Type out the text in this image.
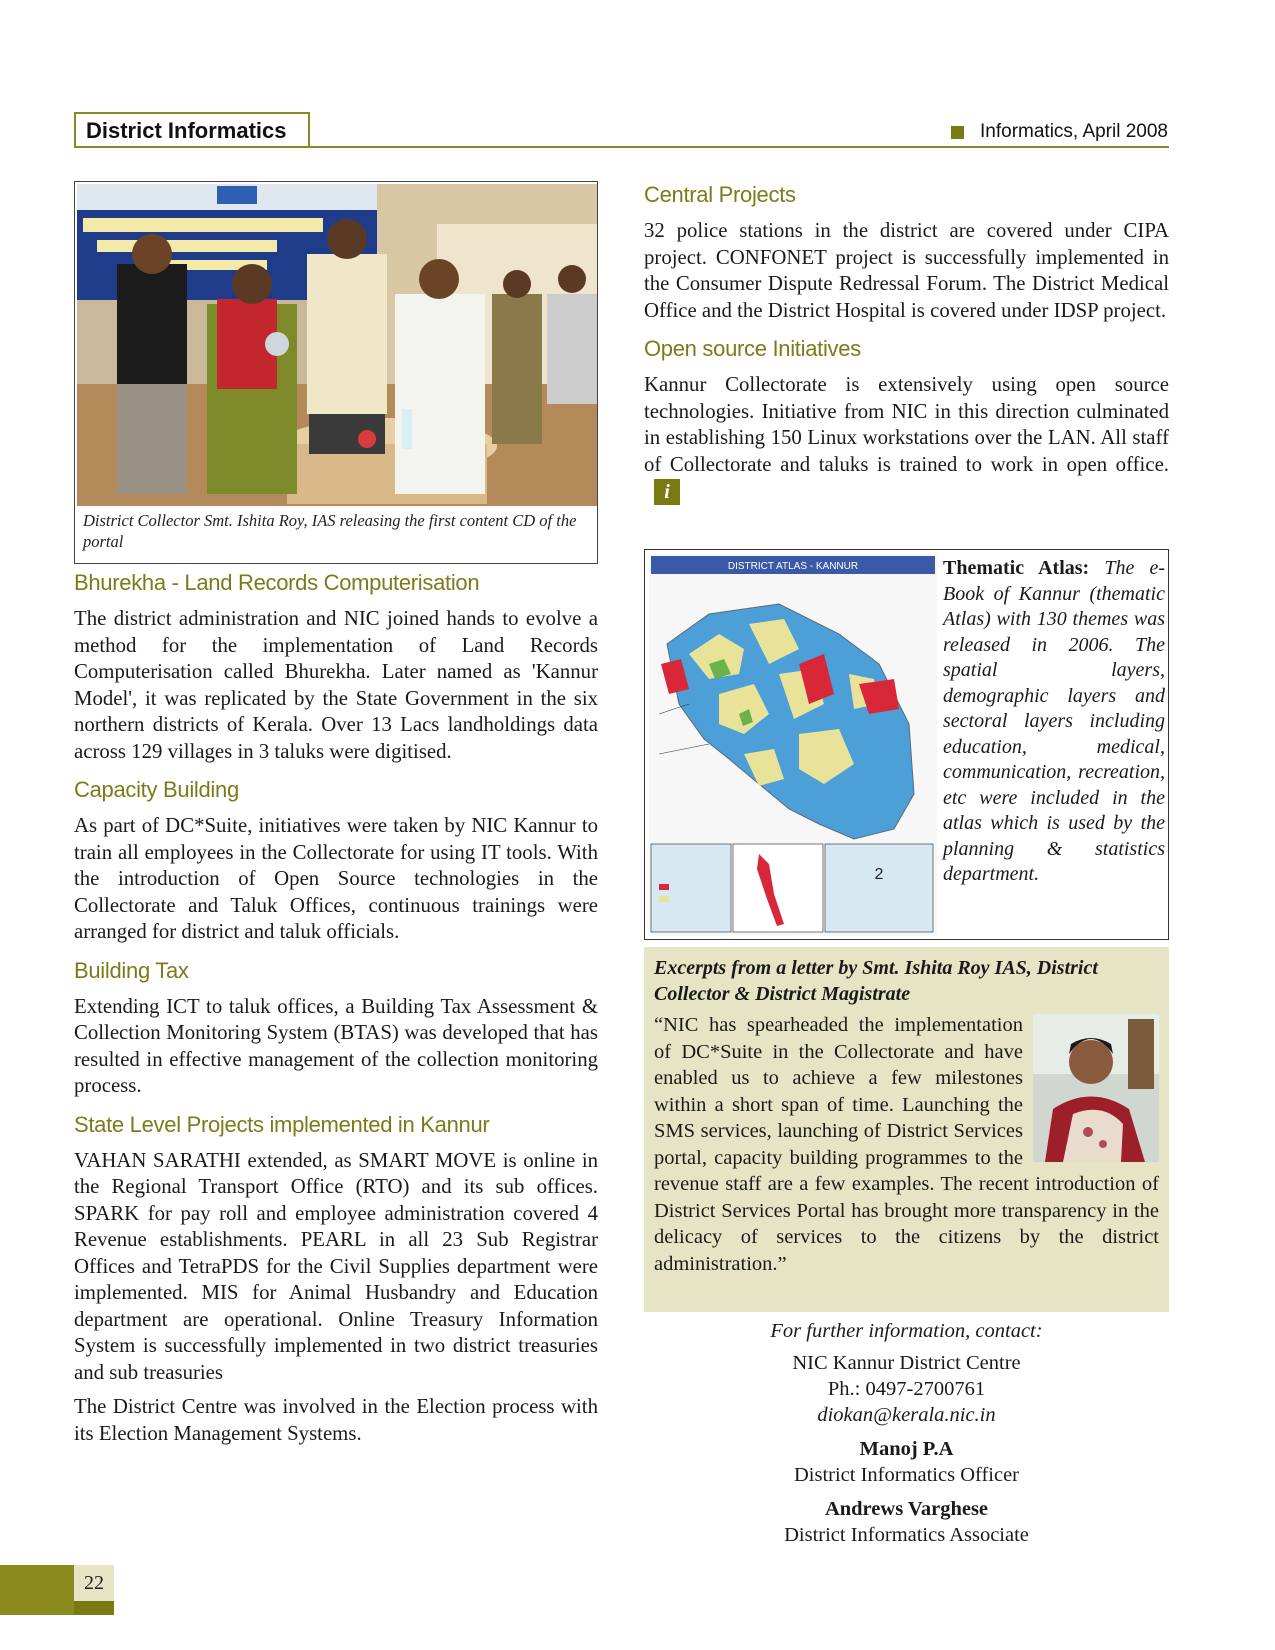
District Informatics	Informatics, April 2008
District Collector Smt. Ishita Roy, IAS releasing the first content CD of the portal
Bhurekha - Land Records Computerisation
The district administration and NIC joined hands to evolve a method for the implementation of Land Records Computerisation called Bhurekha. Later named as 'Kannur Model', it was replicated by the State Government in the six northern districts of Kerala. Over 13 Lacs landholdings data across 129 villages in 3 taluks were digitised.
Capacity Building
As part of DC*Suite, initiatives were taken by NIC Kannur to train all employees in the Collectorate for using IT tools. With the introduction of Open Source technologies in the Collectorate and Taluk Offices, continuous trainings were arranged for district and taluk officials.
Building Tax
Extending ICT to taluk offices, a Building Tax Assessment & Collection Monitoring System (BTAS) was developed that has resulted in effective management of the collection monitoring process.
State Level Projects implemented in Kannur
VAHAN SARATHI extended, as SMART MOVE is online in the Regional Transport Office (RTO) and its sub offices. SPARK for pay roll and employee administration covered 4 Revenue establishments. PEARL in all 23 Sub Registrar Offices and TetraPDS for the Civil Supplies department were implemented. MIS for Animal Husbandry and Education department are operational. Online Treasury Information System is successfully implemented in two district treasuries and sub treasuries
The District Centre was involved in the Election process with its Election Management Systems.
Central Projects
32 police stations in the district are covered under CIPA project. CONFONET project is successfully implemented in the Consumer Dispute Redressal Forum. The District Medical Office and the District Hospital is covered under IDSP project.
Open source Initiatives
Kannur Collectorate is extensively using open source technologies. Initiative from NIC in this direction culminated in establishing 150 Linux workstations over the LAN. All staff of Collectorate and taluks is trained to work in open office.i
DISTRICT ATLAS - KANNUR
2
Thematic Atlas: The e-Book of Kannur (thematic Atlas) with 130 themes was released in 2006. The spatial layers, demographic layers and sectoral layers including education, medical, communication, recreation, etc were included in the atlas which is used by the planning & statistics department.
Excerpts from a letter by Smt. Ishita Roy IAS, District Collector & District Magistrate
“NIC has spearheaded the implementation of DC*Suite in the Collectorate and have enabled us to achieve a few milestones within a short span of time. Launching the SMS services, launching of District Services portal, capacity building programmes to the revenue staff are a few examples. The recent introduction of District Services Portal has brought more transparency in the delicacy of services to the citizens by the district administration.”
For further information, contact:
NIC Kannur District Centre
Ph.: 0497-2700761
diokan@kerala.nic.in
Manoj P.A
District Informatics Officer
Andrews Varghese
District Informatics Associate
22
